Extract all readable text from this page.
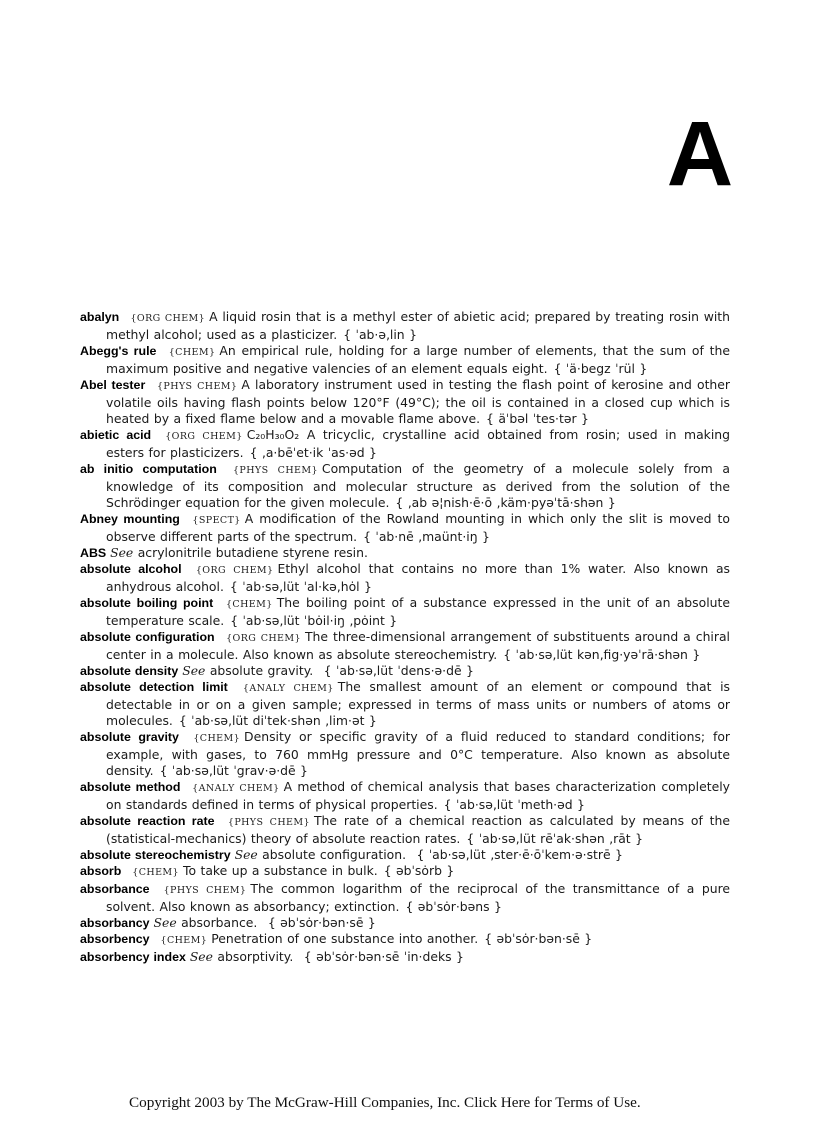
A

abalyn {ORG CHEM} A liquid rosin that is a methyl ester of abietic acid; prepared by treating rosin with methyl alcohol; used as a plasticizer. { ˈab·ə‚lin }

Abegg's rule {CHEM} An empirical rule, holding for a large number of elements, that the sum of the maximum positive and negative valencies of an element equals eight. { ˈä·begz ˈrül }

Abel tester {PHYS CHEM} A laboratory instrument used in testing the flash point of kerosine and other volatile oils having flash points below 120°F (49°C); the oil is contained in a closed cup which is heated by a fixed flame below and a movable flame above. { äˈbəl ˈtes·tər }

abietic acid {ORG CHEM} C₂₀H₃₀O₂ A tricyclic, crystalline acid obtained from rosin; used in making esters for plasticizers. { ‚a·bēˈet·ik ˈas·əd }

ab initio computation {PHYS CHEM} Computation of the geometry of a molecule solely from a knowledge of its composition and molecular structure as derived from the solution of the Schrödinger equation for the given molecule. { ‚ab ə¦nish·ē·ō ‚käm·pyəˈtā·shən }

Abney mounting {SPECT} A modification of the Rowland mounting in which only the slit is moved to observe different parts of the spectrum. { ˈab·nē ‚maünt·iŋ }

ABS See acrylonitrile butadiene styrene resin.

absolute alcohol {ORG CHEM} Ethyl alcohol that contains no more than 1% water. Also known as anhydrous alcohol. { ˈab·sə‚lüt ˈal·kə‚hȯl }

absolute boiling point {CHEM} The boiling point of a substance expressed in the unit of an absolute temperature scale. { ˈab·sə‚lüt ˈbȯil·iŋ ‚pȯint }

absolute configuration {ORG CHEM} The three-dimensional arrangement of substituents around a chiral center in a molecule. Also known as absolute stereochemistry. { ˈab·sə‚lüt kən‚fig·yəˈrā·shən }

absolute density See absolute gravity. { ˈab·sə‚lüt ˈdens·ə·dē }

absolute detection limit {ANALY CHEM} The smallest amount of an element or compound that is detectable in or on a given sample; expressed in terms of mass units or numbers of atoms or molecules. { ˈab·sə‚lüt diˈtek·shən ‚lim·ət }

absolute gravity {CHEM} Density or specific gravity of a fluid reduced to standard conditions; for example, with gases, to 760 mmHg pressure and 0°C temperature. Also known as absolute density. { ˈab·sə‚lüt ˈgrav·ə·dē }

absolute method {ANALY CHEM} A method of chemical analysis that bases characterization completely on standards defined in terms of physical properties. { ˈab·sə‚lüt ˈmeth·əd }

absolute reaction rate {PHYS CHEM} The rate of a chemical reaction as calculated by means of the (statistical-mechanics) theory of absolute reaction rates. { ˈab·sə‚lüt rēˈak·shən ‚rāt }

absolute stereochemistry See absolute configuration. { ˈab·sə‚lüt ‚ster·ē·ōˈkem·ə·strē }

absorb {CHEM} To take up a substance in bulk. { əbˈsȯrb }

absorbance {PHYS CHEM} The common logarithm of the reciprocal of the transmittance of a pure solvent. Also known as absorbancy; extinction. { əbˈsȯr·bəns }

absorbancy See absorbance. { əbˈsȯr·bən·sē }

absorbency {CHEM} Penetration of one substance into another. { əbˈsȯr·bən·sē }

absorbency index See absorptivity. { əbˈsȯr·bən·sē ˈin·deks }

Copyright 2003 by The McGraw-Hill Companies, Inc. Click Here for Terms of Use.
